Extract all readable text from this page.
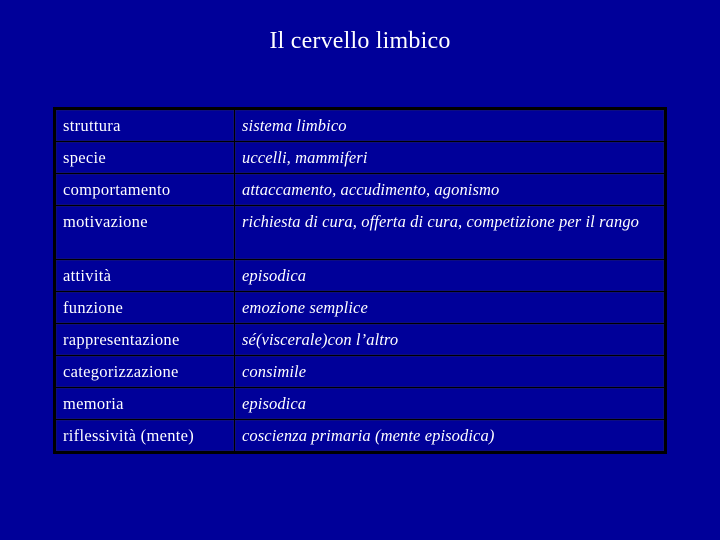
Il cervello limbico
struttura	sistema limbico
specie	uccelli, mammiferi
comportamento	attaccamento, accudimento, agonismo
motivazione	richiesta di cura, offerta di cura, competizione per il rango
attività	episodica
funzione	emozione semplice
rappresentazione	sé(viscerale)con l’altro
categorizzazione	consimile
memoria	episodica
riflessività (mente)	coscienza primaria (mente episodica)
